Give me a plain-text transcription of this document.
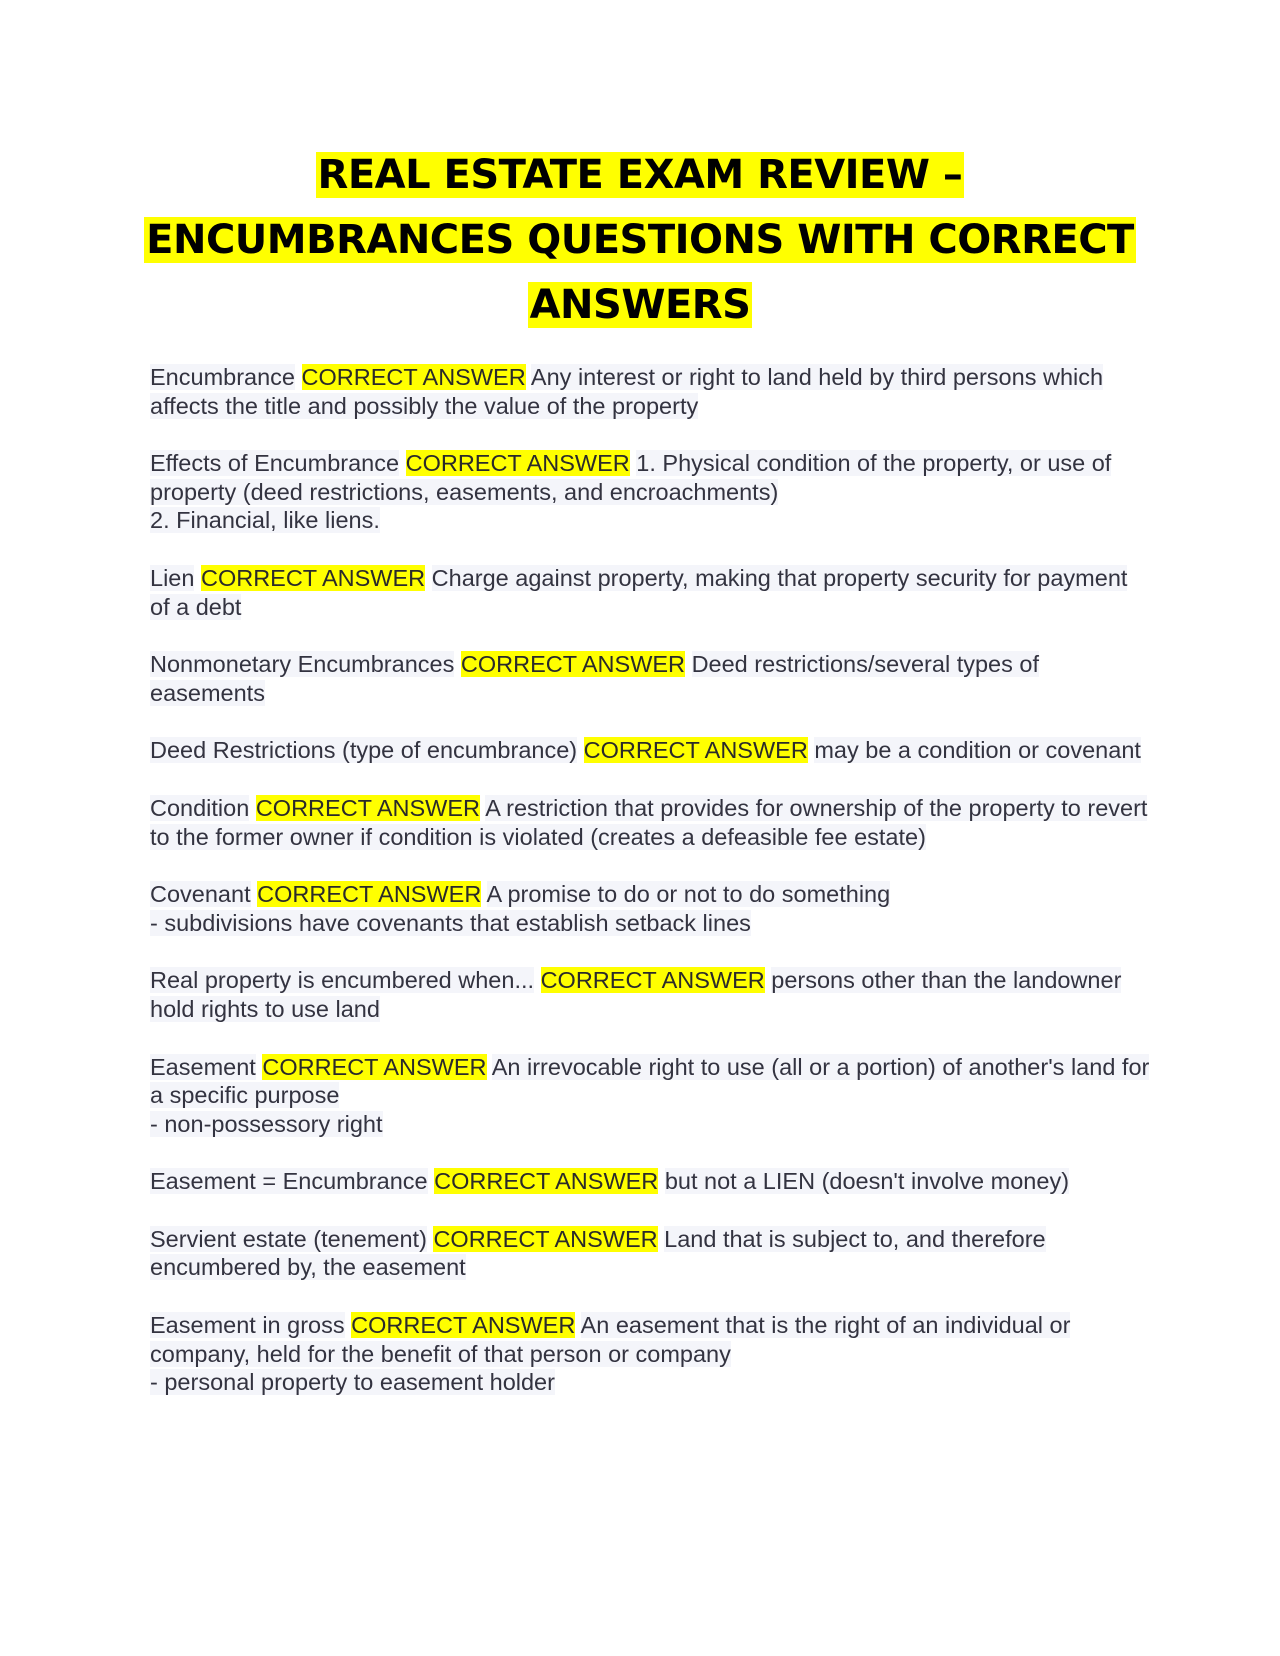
REAL ESTATE EXAM REVIEW –
ENCUMBRANCES QUESTIONS WITH CORRECT
ANSWERS
Encumbrance CORRECT ANSWER Any interest or right to land held by third persons which affects the title and possibly the value of the property
Effects of Encumbrance CORRECT ANSWER 1. Physical condition of the property, or use of property (deed restrictions, easements, and encroachments)
2. Financial, like liens.
Lien CORRECT ANSWER Charge against property, making that property security for payment of a debt
Nonmonetary Encumbrances CORRECT ANSWER Deed restrictions/several types of easements
Deed Restrictions (type of encumbrance) CORRECT ANSWER may be a condition or covenant
Condition CORRECT ANSWER A restriction that provides for ownership of the property to revert to the former owner if condition is violated (creates a defeasible fee estate)
Covenant CORRECT ANSWER A promise to do or not to do something
- subdivisions have covenants that establish setback lines
Real property is encumbered when... CORRECT ANSWER persons other than the landowner hold rights to use land
Easement CORRECT ANSWER An irrevocable right to use (all or a portion) of another's land for a specific purpose
- non-possessory right
Easement = Encumbrance CORRECT ANSWER but not a LIEN (doesn't involve money)
Servient estate (tenement) CORRECT ANSWER Land that is subject to, and therefore encumbered by, the easement
Easement in gross CORRECT ANSWER An easement that is the right of an individual or company, held for the benefit of that person or company
- personal property to easement holder
